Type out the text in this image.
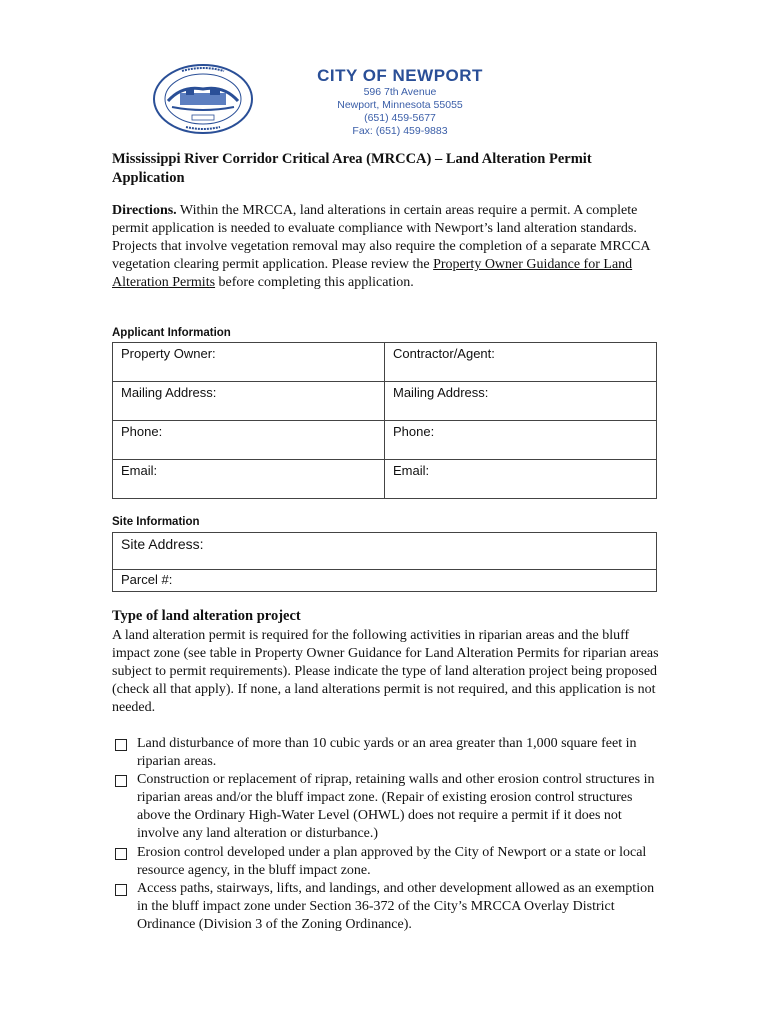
CITY OF NEWPORT
596 7th Avenue
Newport, Minnesota 55055
(651) 459-5677
Fax: (651) 459-9883
Mississippi River Corridor Critical Area (MRCCA) – Land Alteration Permit Application
Directions. Within the MRCCA, land alterations in certain areas require a permit. A complete permit application is needed to evaluate compliance with Newport’s land alteration standards. Projects that involve vegetation removal may also require the completion of a separate MRCCA vegetation clearing permit application. Please review the Property Owner Guidance for Land Alteration Permits before completing this application.
Applicant Information
Property Owner:	Contractor/Agent:
Mailing Address:	Mailing Address:
Phone:	Phone:
Email:	Email:
Site Information
Site Address:
Parcel #:
Type of land alteration project
A land alteration permit is required for the following activities in riparian areas and the bluff impact zone (see table in Property Owner Guidance for Land Alteration Permits for riparian areas subject to permit requirements). Please indicate the type of land alteration project being proposed (check all that apply). If none, a land alterations permit is not required, and this application is not needed.
Land disturbance of more than 10 cubic yards or an area greater than 1,000 square feet in riparian areas.
Construction or replacement of riprap, retaining walls and other erosion control structures in riparian areas and/or the bluff impact zone. (Repair of existing erosion control structures above the Ordinary High-Water Level (OHWL) does not require a permit if it does not involve any land alteration or disturbance.)
Erosion control developed under a plan approved by the City of Newport or a state or local resource agency, in the bluff impact zone.
Access paths, stairways, lifts, and landings, and other development allowed as an exemption in the bluff impact zone under Section 36-372 of the City’s MRCCA Overlay District Ordinance (Division 3 of the Zoning Ordinance).
